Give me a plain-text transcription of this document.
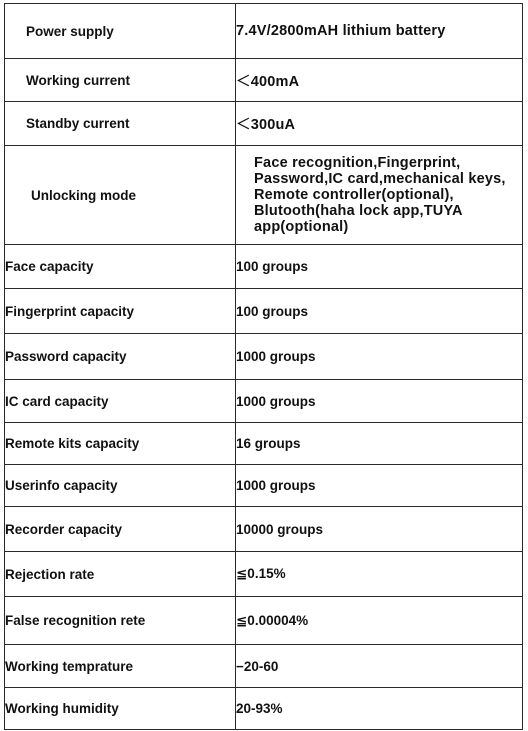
Power supply	7.4V/2800mAH lithium battery

Working current	＜400mA

Standby current	＜300uA

Unlocking mode	Face recognition,Fingerprint,
Password,IC card,mechanical keys,
Remote controller(optional),
Blutooth(haha lock app,TUYA
app(optional)

Face capacity	100 groups

Fingerprint capacity	100 groups

Password capacity	1000 groups

IC card capacity	1000 groups

Remote kits capacity	16 groups

Userinfo capacity	1000 groups

Recorder capacity	10000 groups

Rejection rate	≦0.15%

False recognition rete	≦0.00004%

Working temprature	−20-60

Working humidity	20-93%
